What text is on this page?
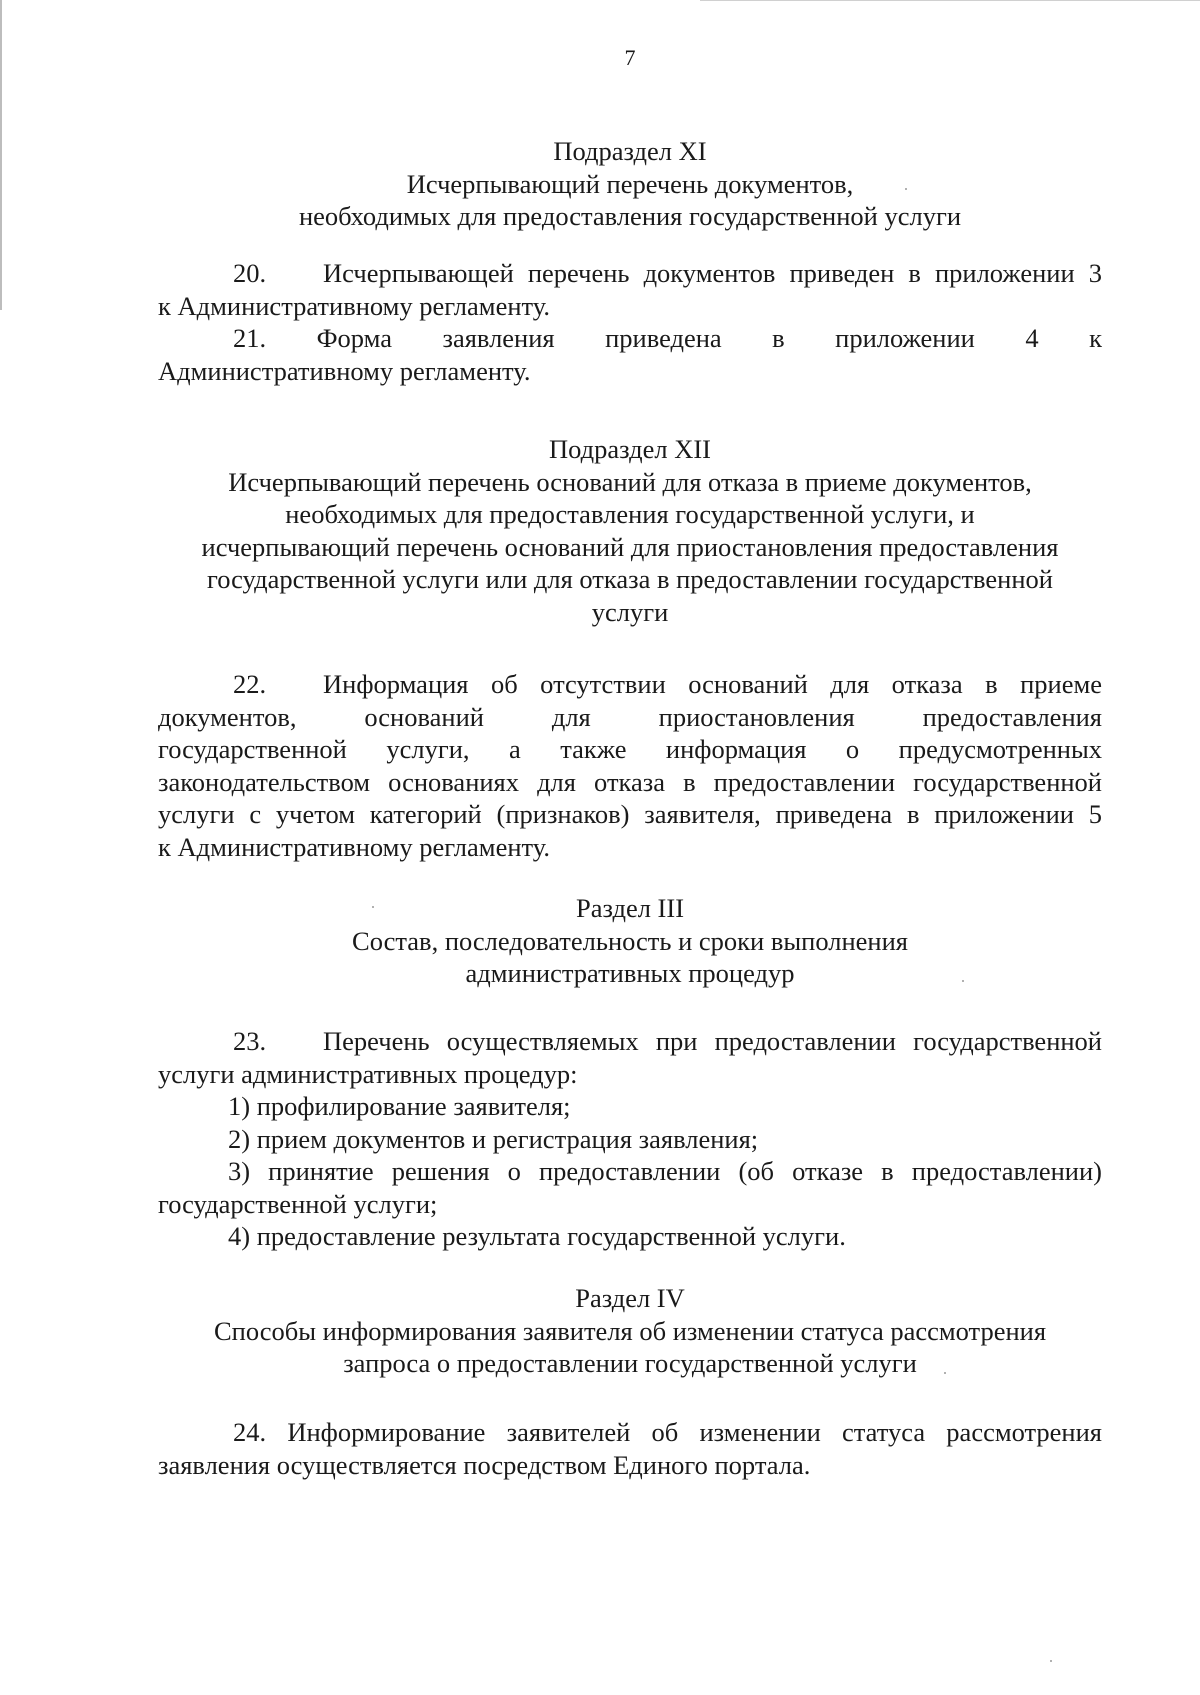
7
Подраздел XI
Исчерпывающий перечень документов,
необходимых для предоставления государственной услуги
20. Исчерпывающей перечень документов приведен в приложении 3
к Административному регламенту.
21. Форма заявления приведена в приложении 4 к
Административному регламенту.
Подраздел XII
Исчерпывающий перечень оснований для отказа в приеме документов,
необходимых для предоставления государственной услуги, и
исчерпывающий перечень оснований для приостановления предоставления
государственной услуги или для отказа в предоставлении государственной
услуги
22. Информация об отсутствии оснований для отказа в приеме
документов, оснований для приостановления предоставления
государственной услуги, а также информация о предусмотренных
законодательством основаниях для отказа в предоставлении государственной
услуги с учетом категорий (признаков) заявителя, приведена в приложении 5
к Административному регламенту.
Раздел III
Состав, последовательность и сроки выполнения
административных процедур
23. Перечень осуществляемых при предоставлении государственной
услуги административных процедур:
1) профилирование заявителя;
2) прием документов и регистрация заявления;
3) принятие решения о предоставлении (об отказе в предоставлении)
государственной услуги;
4) предоставление результата государственной услуги.
Раздел IV
Способы информирования заявителя об изменении статуса рассмотрения
запроса о предоставлении государственной услуги
24. Информирование заявителей об изменении статуса рассмотрения
заявления осуществляется посредством Единого портала.
